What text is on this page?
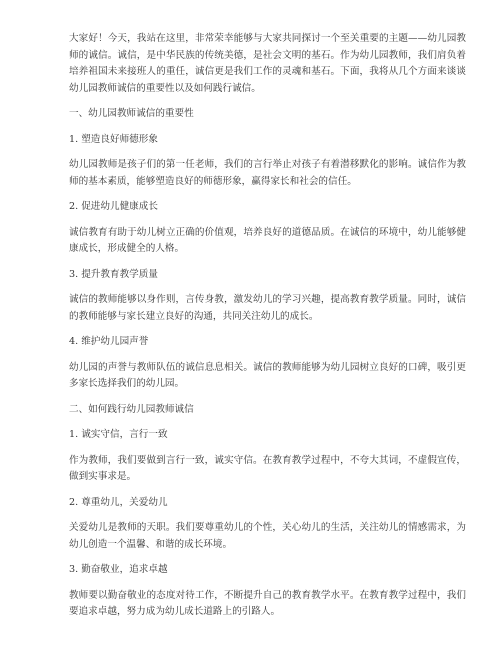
大家好！今天，我站在这里，非常荣幸能够与大家共同探讨一个至关重要的主题——幼儿园教师的诚信。诚信，是中华民族的传统美德，是社会文明的基石。作为幼儿园教师，我们肩负着培养祖国未来接班人的重任，诚信更是我们工作的灵魂和基石。下面，我将从几个方面来谈谈幼儿园教师诚信的重要性以及如何践行诚信。

一、幼儿园教师诚信的重要性

1. 塑造良好师德形象

幼儿园教师是孩子们的第一任老师，我们的言行举止对孩子有着潜移默化的影响。诚信作为教师的基本素质，能够塑造良好的师德形象，赢得家长和社会的信任。

2. 促进幼儿健康成长

诚信教育有助于幼儿树立正确的价值观，培养良好的道德品质。在诚信的环境中，幼儿能够健康成长，形成健全的人格。

3. 提升教育教学质量

诚信的教师能够以身作则，言传身教，激发幼儿的学习兴趣，提高教育教学质量。同时，诚信的教师能够与家长建立良好的沟通，共同关注幼儿的成长。

4. 维护幼儿园声誉

幼儿园的声誉与教师队伍的诚信息息相关。诚信的教师能够为幼儿园树立良好的口碑，吸引更多家长选择我们的幼儿园。

二、如何践行幼儿园教师诚信

1. 诚实守信，言行一致

作为教师，我们要做到言行一致，诚实守信。在教育教学过程中，不夸大其词，不虚假宣传，做到实事求是。

2. 尊重幼儿，关爱幼儿

关爱幼儿是教师的天职。我们要尊重幼儿的个性，关心幼儿的生活，关注幼儿的情感需求，为幼儿创造一个温馨、和谐的成长环境。

3. 勤奋敬业，追求卓越

教师要以勤奋敬业的态度对待工作，不断提升自己的教育教学水平。在教育教学过程中，我们要追求卓越，努力成为幼儿成长道路上的引路人。
